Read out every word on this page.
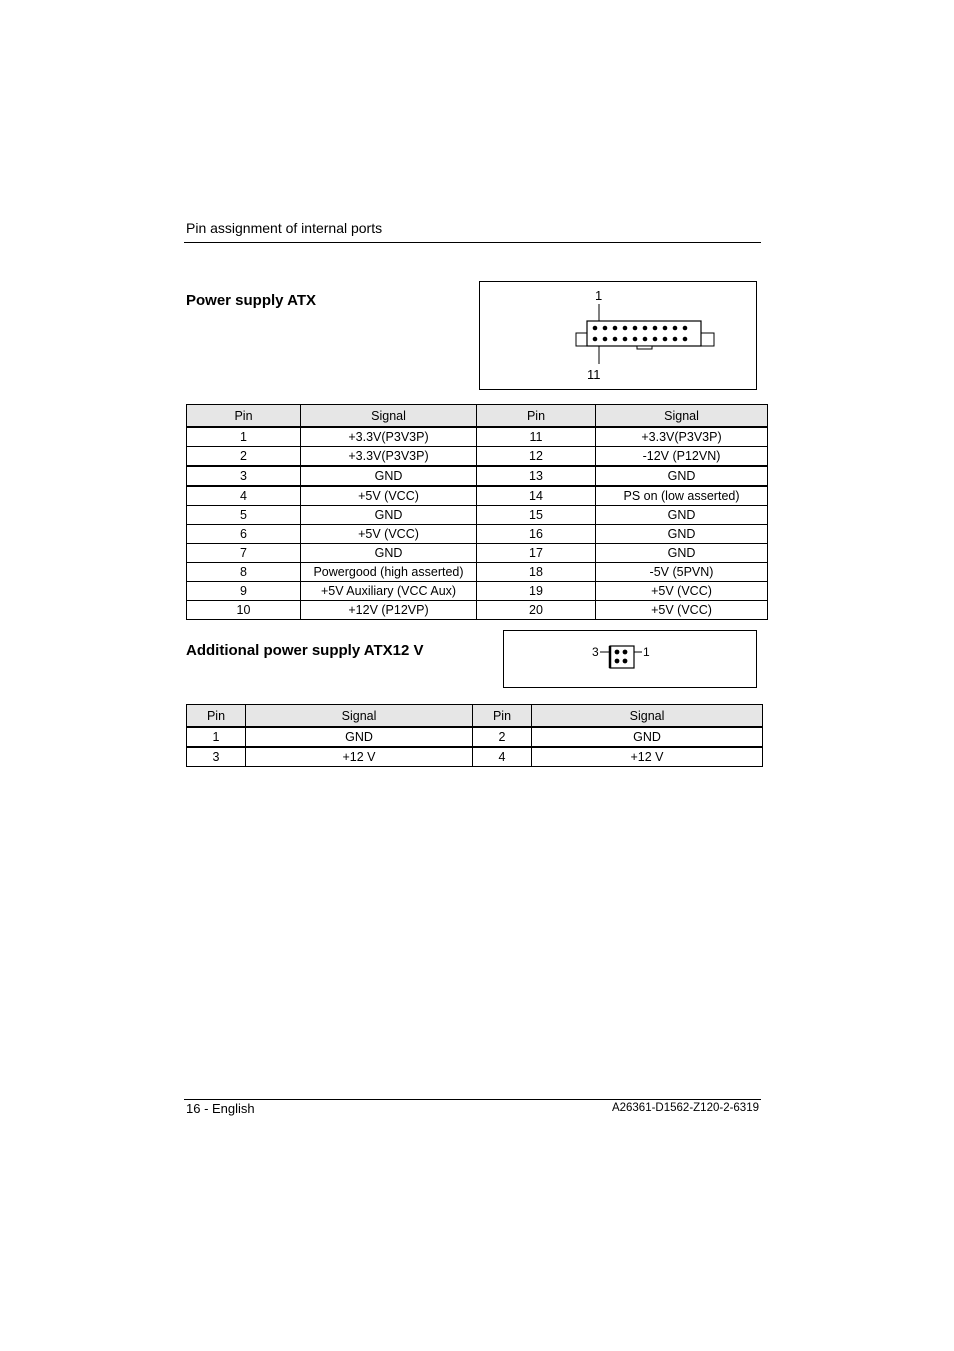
Pin assignment of internal ports
Power supply ATX	1
11
Pin	Signal	Pin	Signal
1	+3.3V(P3V3P)	11	+3.3V(P3V3P)
2	+3.3V(P3V3P)	12	-12V (P12VN)
3	GND	13	GND
4	+5V (VCC)	14	PS on (low asserted)
5	GND	15	GND
6	+5V (VCC)	16	GND
7	GND	17	GND
8	Powergood (high asserted)	18	-5V (5PVN)
9	+5V Auxiliary (VCC Aux)	19	+5V (VCC)
10	+12V (P12VP)	20	+5V (VCC)
Additional power supply ATX12 V	3	1
Pin	Signal	Pin	Signal
1	GND	2	GND
3	+12 V	4	+12 V
16 - English	A26361-D1562-Z120-2-6319
